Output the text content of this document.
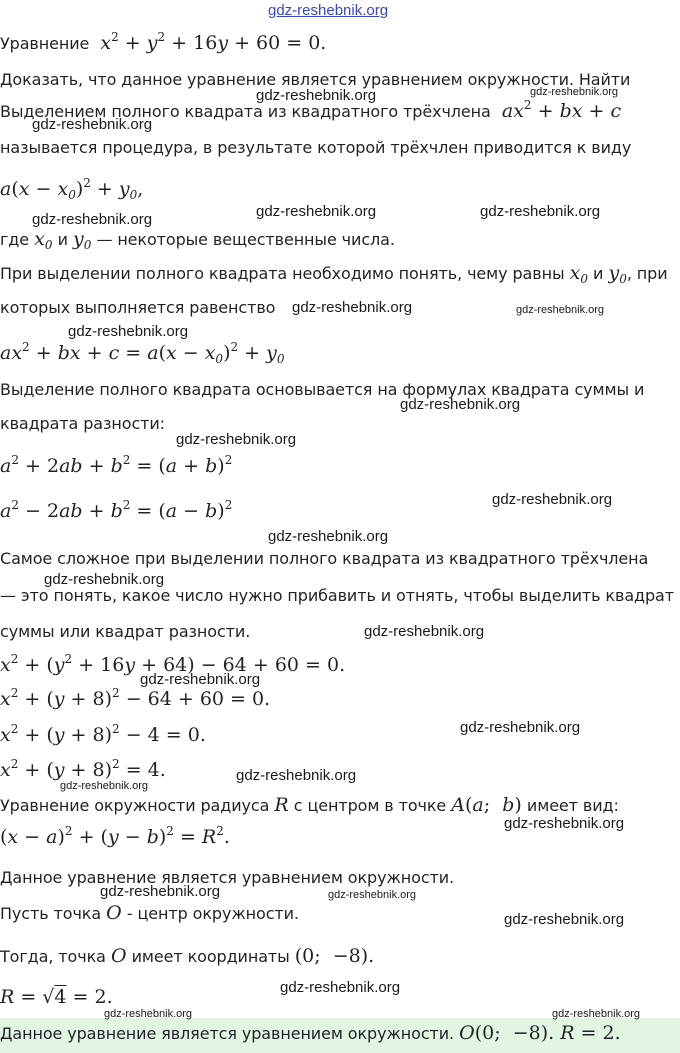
gdz-reshebnik.org
Уравнение $x^2 + y^2 + 16y + 60 = 0$.
Доказать, что данное уравнение является уравнением окружности. Найти
Выделением полного квадрата из квадратного трёхчлена $ax^2$ + bx + c
называется процедура, в результате которой трёхчлен приводится к виду
$a(x - x_0)^2 + y_0$,
где $x_0$ и $y_0$ — некоторые вещественные числа.
При выделении полного квадрата необходимо понять, чему равны $x_0$ и $y_0$, при
которых выполняется равенство
$ax^2$ + bx + $c = a(x - x_0)^2 + y_0$
Выделение полного квадрата основывается на формулах квадрата суммы и
квадрата разности:
$a^2 + 2ab + b^2 = (a + b)^2$
$a^2 - 2ab + b^2 = (a - b)^2$
Самое сложное при выделении полного квадрата из квадратного трёхчлена
— это понять, какое число нужно прибавить и отнять, чтобы выделить квадрат
суммы или квадрат разности.
$x^2 + (y^2 + 16y + 64) - 64 + 60 = 0$.
$x^2 + (y + 8)^2 - 64 + 60 = 0$.
$x^2 + (y + 8)^2 - 4 = 0$.
$x^2 + (y + 8)^2 = 4$.
Уравнение окружности радиуса R с центром в точке A(a;  b) имеет вид:
$(x - a)^2 + (y - b)^2 = R^2$.
Данное уравнение является уравнением окружности.
Пусть точка O - центр окружности.
Тогда, точка O имеет координаты (0;  −8).
R = √4 = 2.
Данное уравнение является уравнением окружности. O(0;  −8). R = 2.
gdz-reshebnik.org
gdz-reshebnik.org
gdz-reshebnik.org
gdz-reshebnik.org	gdz-reshebnik.org	gdz-reshebnik.org
gdz-reshebnik.org	gdz-reshebnik.org
gdz-reshebnik.org
gdz-reshebnik.org
gdz-reshebnik.org
gdz-reshebnik.org
gdz-reshebnik.org
gdz-reshebnik.org
gdz-reshebnik.org
gdz-reshebnik.org
gdz-reshebnik.org
gdz-reshebnik.org
gdz-reshebnik.org
gdz-reshebnik.org
gdz-reshebnik.org	gdz-reshebnik.org
gdz-reshebnik.org
gdz-reshebnik.org
gdz-reshebnik.org	gdz-reshebnik.org
